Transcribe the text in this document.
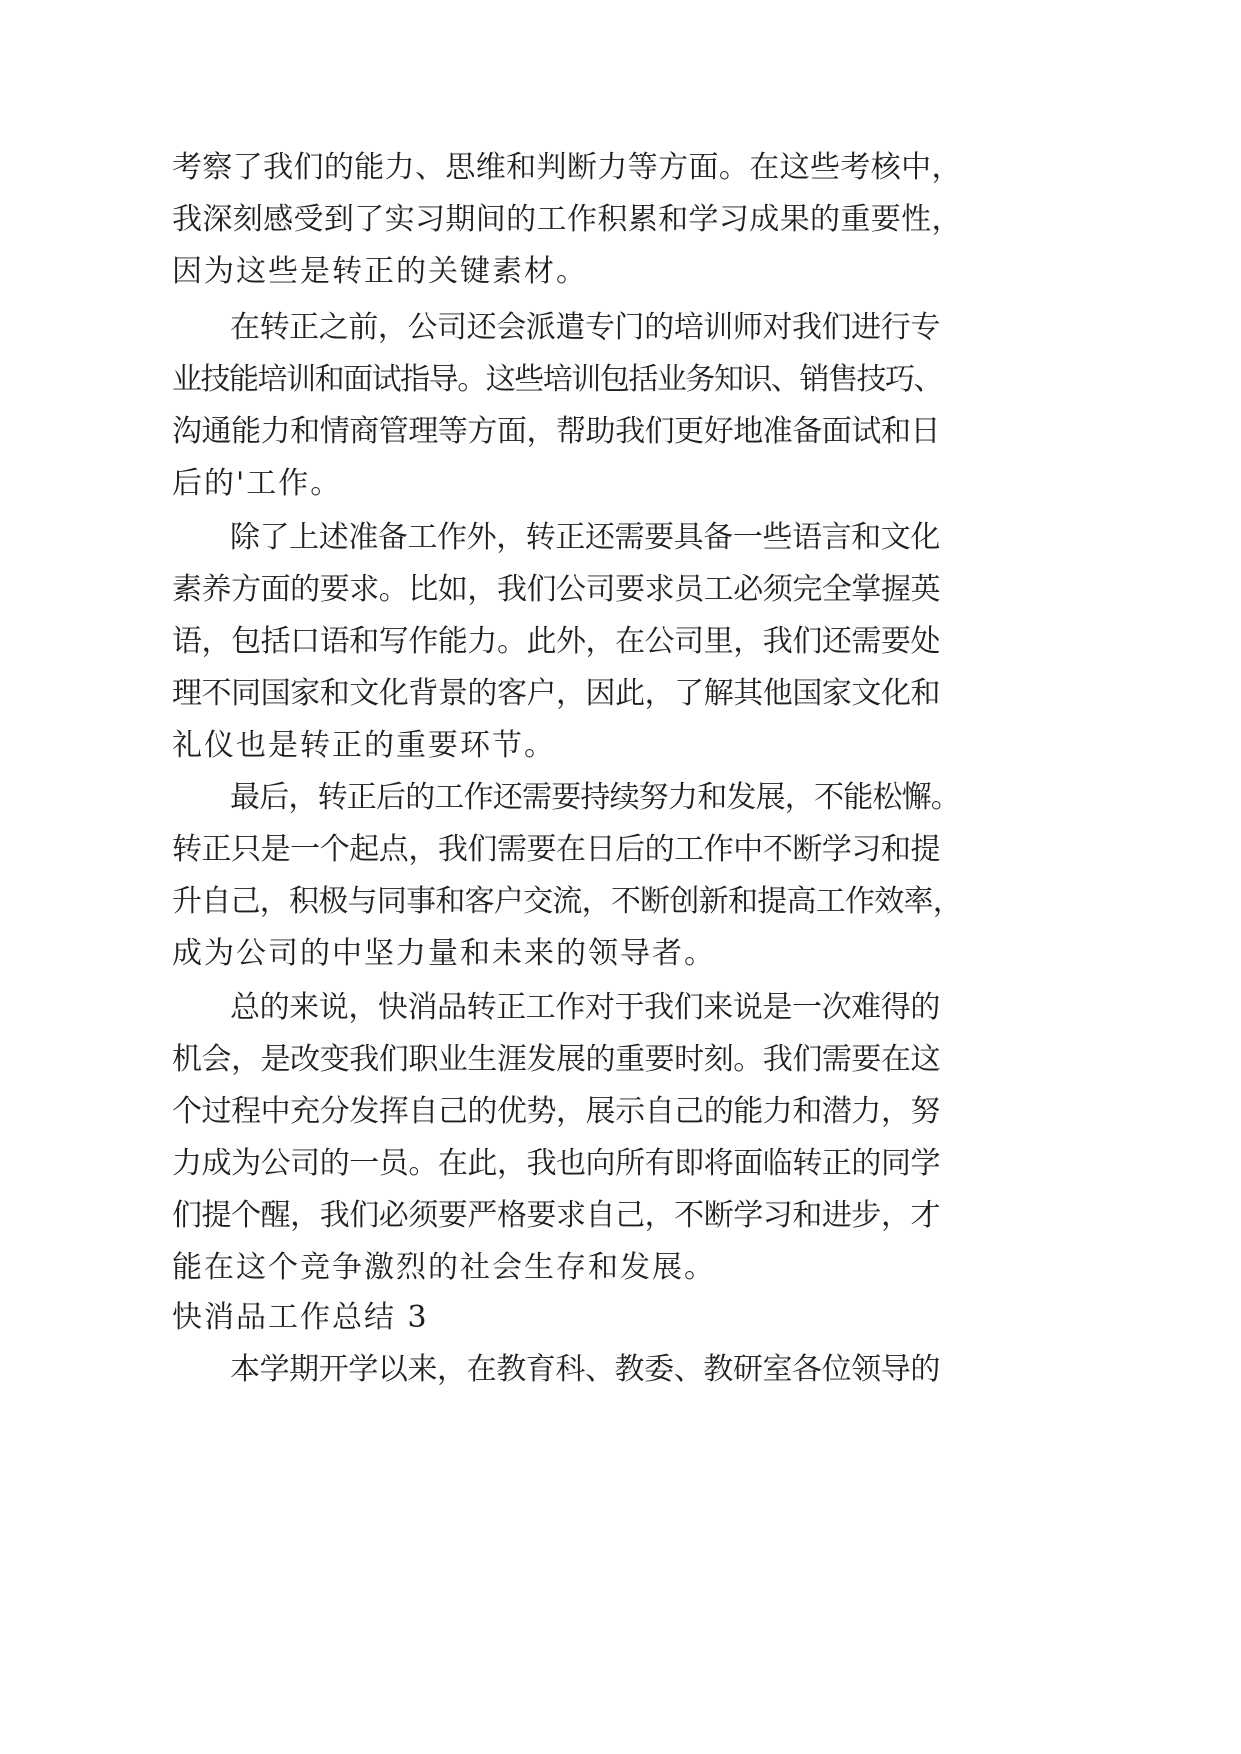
考察了我们的能力、思维和判断力等方面。在这些考核中，
我深刻感受到了实习期间的工作积累和学习成果的重要性，
因为这些是转正的关键素材。
在转正之前，公司还会派遣专门的培训师对我们进行专
业技能培训和面试指导。这些培训包括业务知识、销售技巧、
沟通能力和情商管理等方面，帮助我们更好地准备面试和日
后的'工作。
除了上述准备工作外，转正还需要具备一些语言和文化
素养方面的要求。比如，我们公司要求员工必须完全掌握英
语，包括口语和写作能力。此外，在公司里，我们还需要处
理不同国家和文化背景的客户，因此，了解其他国家文化和
礼仪也是转正的重要环节。
最后，转正后的工作还需要持续努力和发展，不能松懈。
转正只是一个起点，我们需要在日后的工作中不断学习和提
升自己，积极与同事和客户交流，不断创新和提高工作效率，
成为公司的中坚力量和未来的领导者。
总的来说，快消品转正工作对于我们来说是一次难得的
机会，是改变我们职业生涯发展的重要时刻。我们需要在这
个过程中充分发挥自己的优势，展示自己的能力和潜力，努
力成为公司的一员。在此，我也向所有即将面临转正的同学
们提个醒，我们必须要严格要求自己，不断学习和进步，才
能在这个竞争激烈的社会生存和发展。
快消品工作总结 3
本学期开学以来，在教育科、教委、教研室各位领导的
